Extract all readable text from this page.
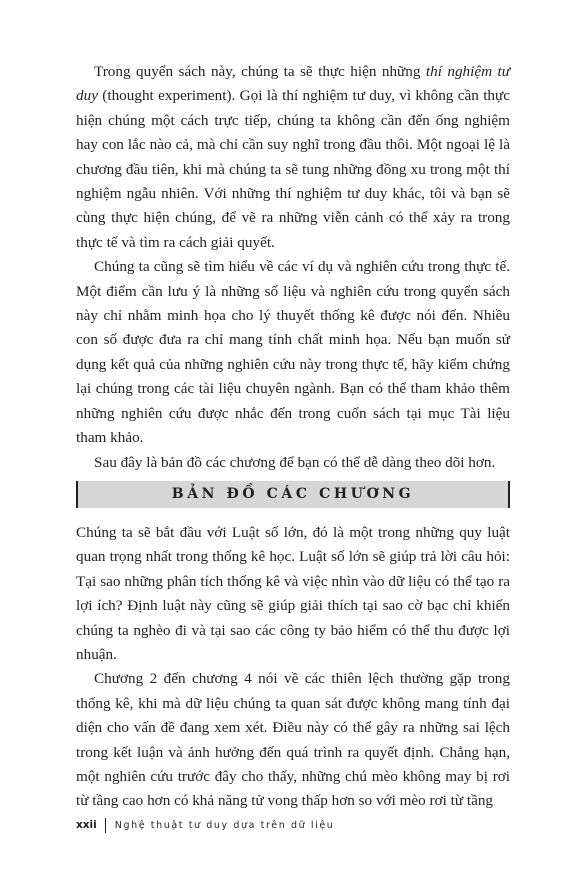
Trong quyển sách này, chúng ta sẽ thực hiện những thí nghiệm tư duy (thought experiment). Gọi là thí nghiệm tư duy, vì không cần thực hiện chúng một cách trực tiếp, chúng ta không cần đến ống nghiệm hay con lắc nào cả, mà chỉ cần suy nghĩ trong đầu thôi. Một ngoại lệ là chương đầu tiên, khi mà chúng ta sẽ tung những đồng xu trong một thí nghiệm ngẫu nhiên. Với những thí nghiệm tư duy khác, tôi và bạn sẽ cùng thực hiện chúng, để vẽ ra những viễn cảnh có thể xảy ra trong thực tế và tìm ra cách giải quyết.

Chúng ta cũng sẽ tìm hiểu về các ví dụ và nghiên cứu trong thực tế. Một điểm cần lưu ý là những số liệu và nghiên cứu trong quyển sách này chỉ nhằm minh họa cho lý thuyết thống kê được nói đến. Nhiều con số được đưa ra chỉ mang tính chất minh họa. Nếu bạn muốn sử dụng kết quả của những nghiên cứu này trong thực tế, hãy kiểm chứng lại chúng trong các tài liệu chuyên ngành. Bạn có thể tham khảo thêm những nghiên cứu được nhắc đến trong cuốn sách tại mục Tài liệu tham khảo.

Sau đây là bản đồ các chương để bạn có thể dễ dàng theo dõi hơn.

BẢN ĐỒ CÁC CHƯƠNG

Chúng ta sẽ bắt đầu với Luật số lớn, đó là một trong những quy luật quan trọng nhất trong thống kê học. Luật số lớn sẽ giúp trả lời câu hỏi: Tại sao những phân tích thống kê và việc nhìn vào dữ liệu có thể tạo ra lợi ích? Định luật này cũng sẽ giúp giải thích tại sao cờ bạc chỉ khiến chúng ta nghèo đi và tại sao các công ty bảo hiểm có thể thu được lợi nhuận.

Chương 2 đến chương 4 nói về các thiên lệch thường gặp trong thống kê, khi mà dữ liệu chúng ta quan sát được không mang tính đại diện cho vấn đề đang xem xét. Điều này có thể gây ra những sai lệch trong kết luận và ảnh hưởng đến quá trình ra quyết định. Chẳng hạn, một nghiên cứu trước đây cho thấy, những chú mèo không may bị rơi từ tầng cao hơn có khả năng tử vong thấp hơn so với mèo rơi từ tầng

xxii	Nghệ thuật tư duy dựa trên dữ liệu
